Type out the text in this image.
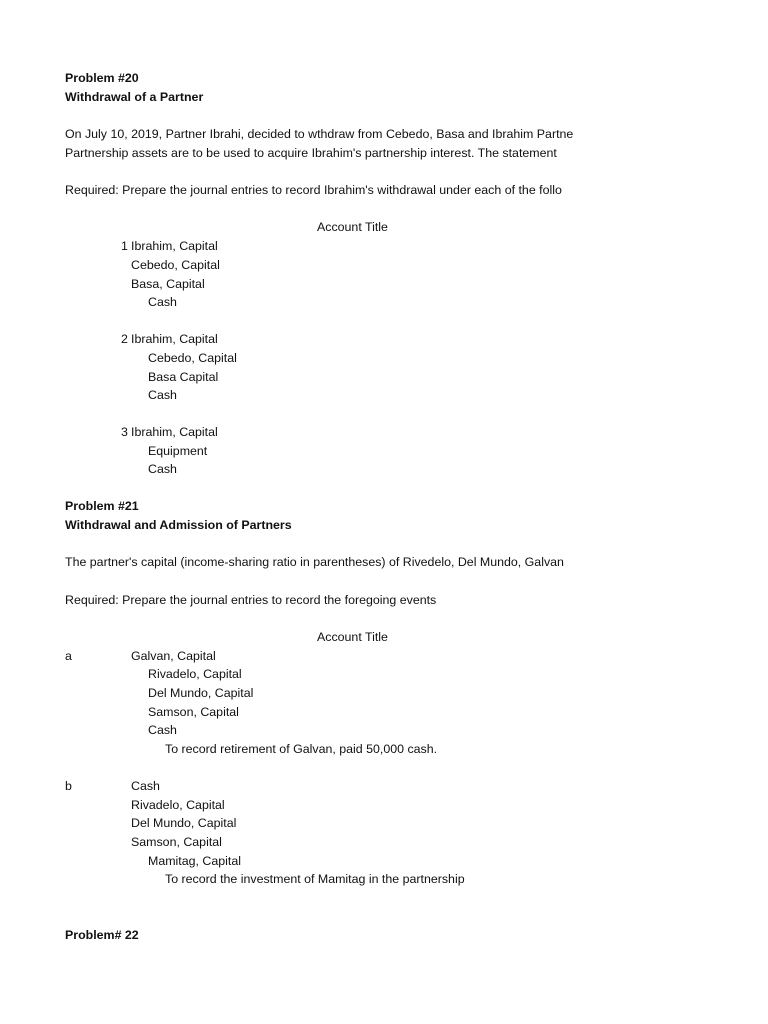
Problem #20
Withdrawal of a Partner
On July 10, 2019, Partner Ibrahi, decided to wthdraw from Cebedo, Basa and Ibrahim Partne
Partnership assets are to be used to acquire Ibrahim's partnership interest. The statement
Required: Prepare the journal entries to record Ibrahim's withdrawal under each of the follo
Account Title
1 Ibrahim, Capital
Cebedo, Capital
Basa, Capital
Cash
2 Ibrahim, Capital
Cebedo, Capital
Basa Capital
Cash
3 Ibrahim, Capital
Equipment
Cash
Problem #21
Withdrawal and Admission of Partners
The partner's capital (income-sharing ratio in parentheses) of Rivedelo, Del Mundo, Galvan
Required: Prepare the journal entries to record the foregoing events
Account Title
a	Galvan, Capital
Rivadelo, Capital
Del Mundo, Capital
Samson, Capital
Cash
To record retirement of Galvan, paid 50,000 cash.
b	Cash
Rivadelo, Capital
Del Mundo, Capital
Samson, Capital
Mamitag, Capital
To record the investment of Mamitag in the partnership
Problem# 22
